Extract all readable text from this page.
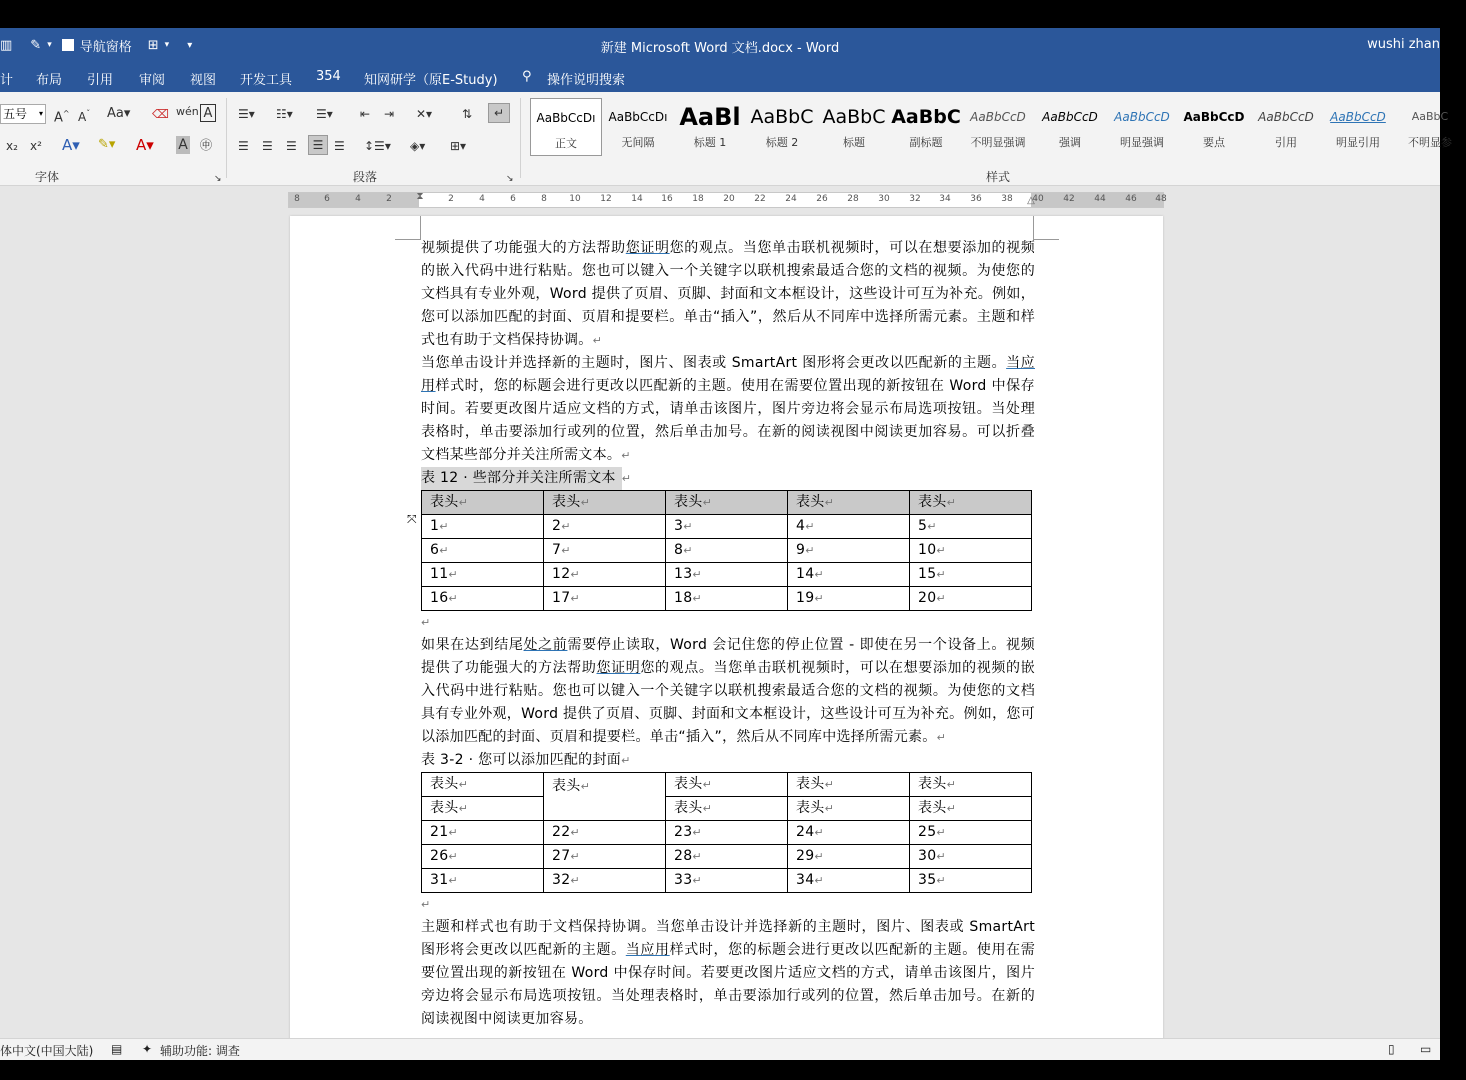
▥ ✎ ▾ 导航窗格 ⊞ ▾ ▾	新建 Microsoft Word 文档.docx - Word	wushi zhan
计 布局 引用 审阅 视图 开发工具 354 知网研学（原E-Study) ⚲ 操作说明搜索
五号 ▾ A^ $A^ˇ$ Aa▾ ⌫ wén A
x₂ x² A▾ ✎▾ A▾ A ㊥
字体	↘
☰▾ ☷▾ ☰▾ ⇤ ⇥ ✕▾ ⇅	↵
☰ ☰ ☰	☰ ☰ ↕☰▾ ◈▾ ⊞▾
段落	↘
AaBbCcDı
正文
AaBbCcDı
无间隔
AaBl
标题 1
AaBbC
标题 2
AaBbC
标题
AaBbC
副标题
AaBbCcD
不明显强调
AaBbCcD
强调
AaBbCcD
明显强调
AaBbCcD
要点
AaBbCcD
引用
AaBbCcD
明显引用
AaBbC
不明显参
样式
⧗	△
8	6	4	2	2	4	6	8 10 12 14 16 18 20 22 24 26 28 30 32 34 36 38 40 42 44 46 48
视频提供了功能强大的方法帮助您证明您的观点。当您单击联机视频时，可以在想要添加的视频的嵌入代码中进行粘贴。您也可以键入一个关键字以联机搜索最适合您的文档的视频。为使您的文档具有专业外观，Word 提供了页眉、页脚、封面和文本框设计，这些设计可互为补充。例如，您可以添加匹配的封面、页眉和提要栏。单击“插入”，然后从不同库中选择所需元素。主题和样式也有助于文档保持协调。↵
当您单击设计并选择新的主题时，图片、图表或 SmartArt 图形将会更改以匹配新的主题。当应用样式时，您的标题会进行更改以匹配新的主题。使用在需要位置出现的新按钮在 Word 中保存时间。若要更改图片适应文档的方式，请单击该图片，图片旁边将会显示布局选项按钮。当处理表格时，单击要添加行或列的位置，然后单击加号。在新的阅读视图中阅读更加容易。可以折叠文档某些部分并关注所需文本。↵
表 12 · 些部分并关注所需文本 ↵
⤧
表头↵	表头↵	表头↵	表头↵	表头↵
1↵	2↵	3↵	4↵	5↵
6↵	7↵	8↵	9↵	10↵
11↵	12↵	13↵	14↵	15↵
16↵	17↵	18↵	19↵	20↵
↵
如果在达到结尾处之前需要停止读取，Word 会记住您的停止位置 - 即使在另一个设备上。视频提供了功能强大的方法帮助您证明您的观点。当您单击联机视频时，可以在想要添加的视频的嵌入代码中进行粘贴。您也可以键入一个关键字以联机搜索最适合您的文档的视频。为使您的文档具有专业外观，Word 提供了页眉、页脚、封面和文本框设计，这些设计可互为补充。例如，您可以添加匹配的封面、页眉和提要栏。单击“插入”，然后从不同库中选择所需元素。↵
表 3-2 · 您可以添加匹配的封面↵
表头↵	表头↵	表头↵	表头↵	表头↵
表头↵		表头↵	表头↵	表头↵
21↵	22↵	23↵	24↵	25↵
26↵	27↵	28↵	29↵	30↵
31↵	32↵	33↵	34↵	35↵
↵
主题和样式也有助于文档保持协调。当您单击设计并选择新的主题时，图片、图表或 SmartArt 图形将会更改以匹配新的主题。当应用样式时，您的标题会进行更改以匹配新的主题。使用在需要位置出现的新按钮在 Word 中保存时间。若要更改图片适应文档的方式，请单击该图片，图片旁边将会显示布局选项按钮。当处理表格时，单击要添加行或列的位置，然后单击加号。在新的阅读视图中阅读更加容易。
体中文(中国大陆) ▤ ✦ 辅助功能: 调查	▯ ▭
